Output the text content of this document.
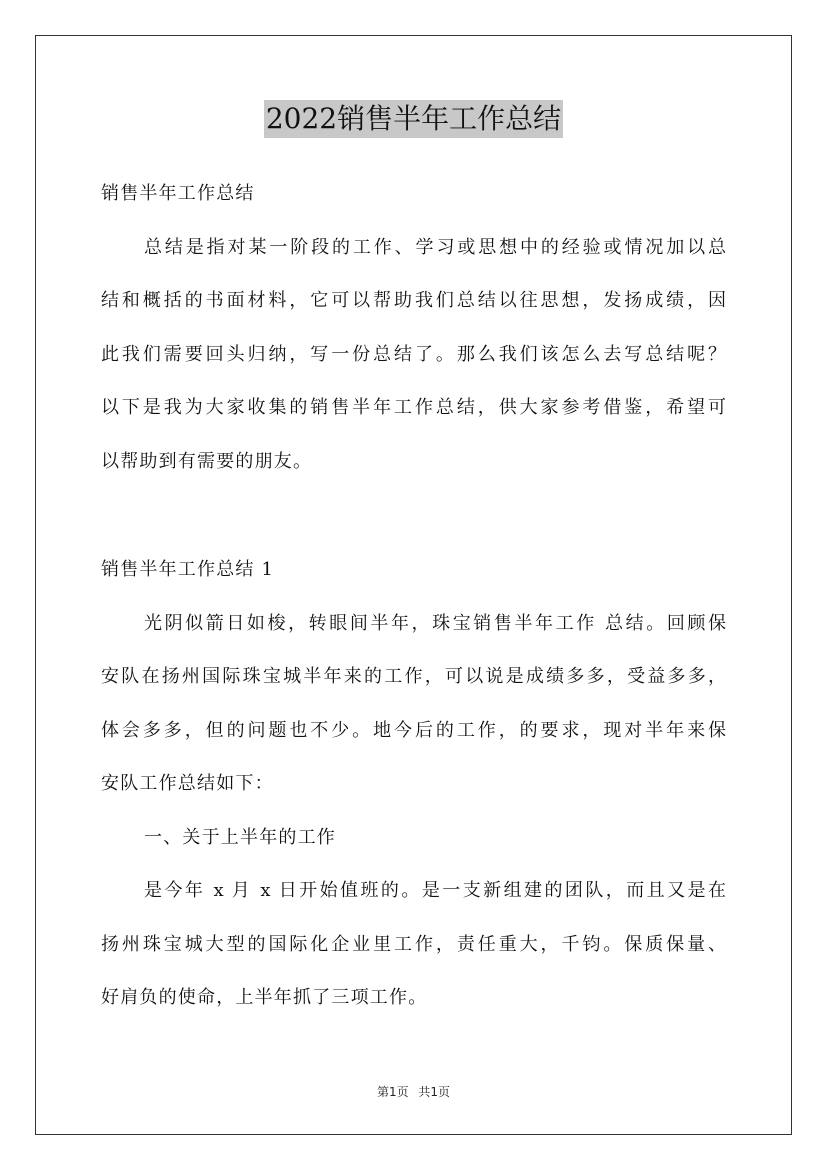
2022销售半年工作总结
销售半年工作总结
总结是指对某一阶段的工作、学习或思想中的经验或情况加以总
结和概括的书面材料，它可以帮助我们总结以往思想，发扬成绩，因
此我们需要回头归纳，写一份总结了。那么我们该怎么去写总结呢？
以下是我为大家收集的销售半年工作总结，供大家参考借鉴，希望可
以帮助到有需要的朋友。
销售半年工作总结 1
光阴似箭日如梭，转眼间半年，珠宝销售半年工作 总结。回顾保
安队在扬州国际珠宝城半年来的工作，可以说是成绩多多，受益多多，
体会多多，但的问题也不少。地今后的工作，的要求，现对半年来保
安队工作总结如下：
一、关于上半年的工作
是今年 x 月 x 日开始值班的。是一支新组建的团队，而且又是在
扬州珠宝城大型的国际化企业里工作，责任重大，千钧。保质保量、
好肩负的使命，上半年抓了三项工作。
第1页 共1页
